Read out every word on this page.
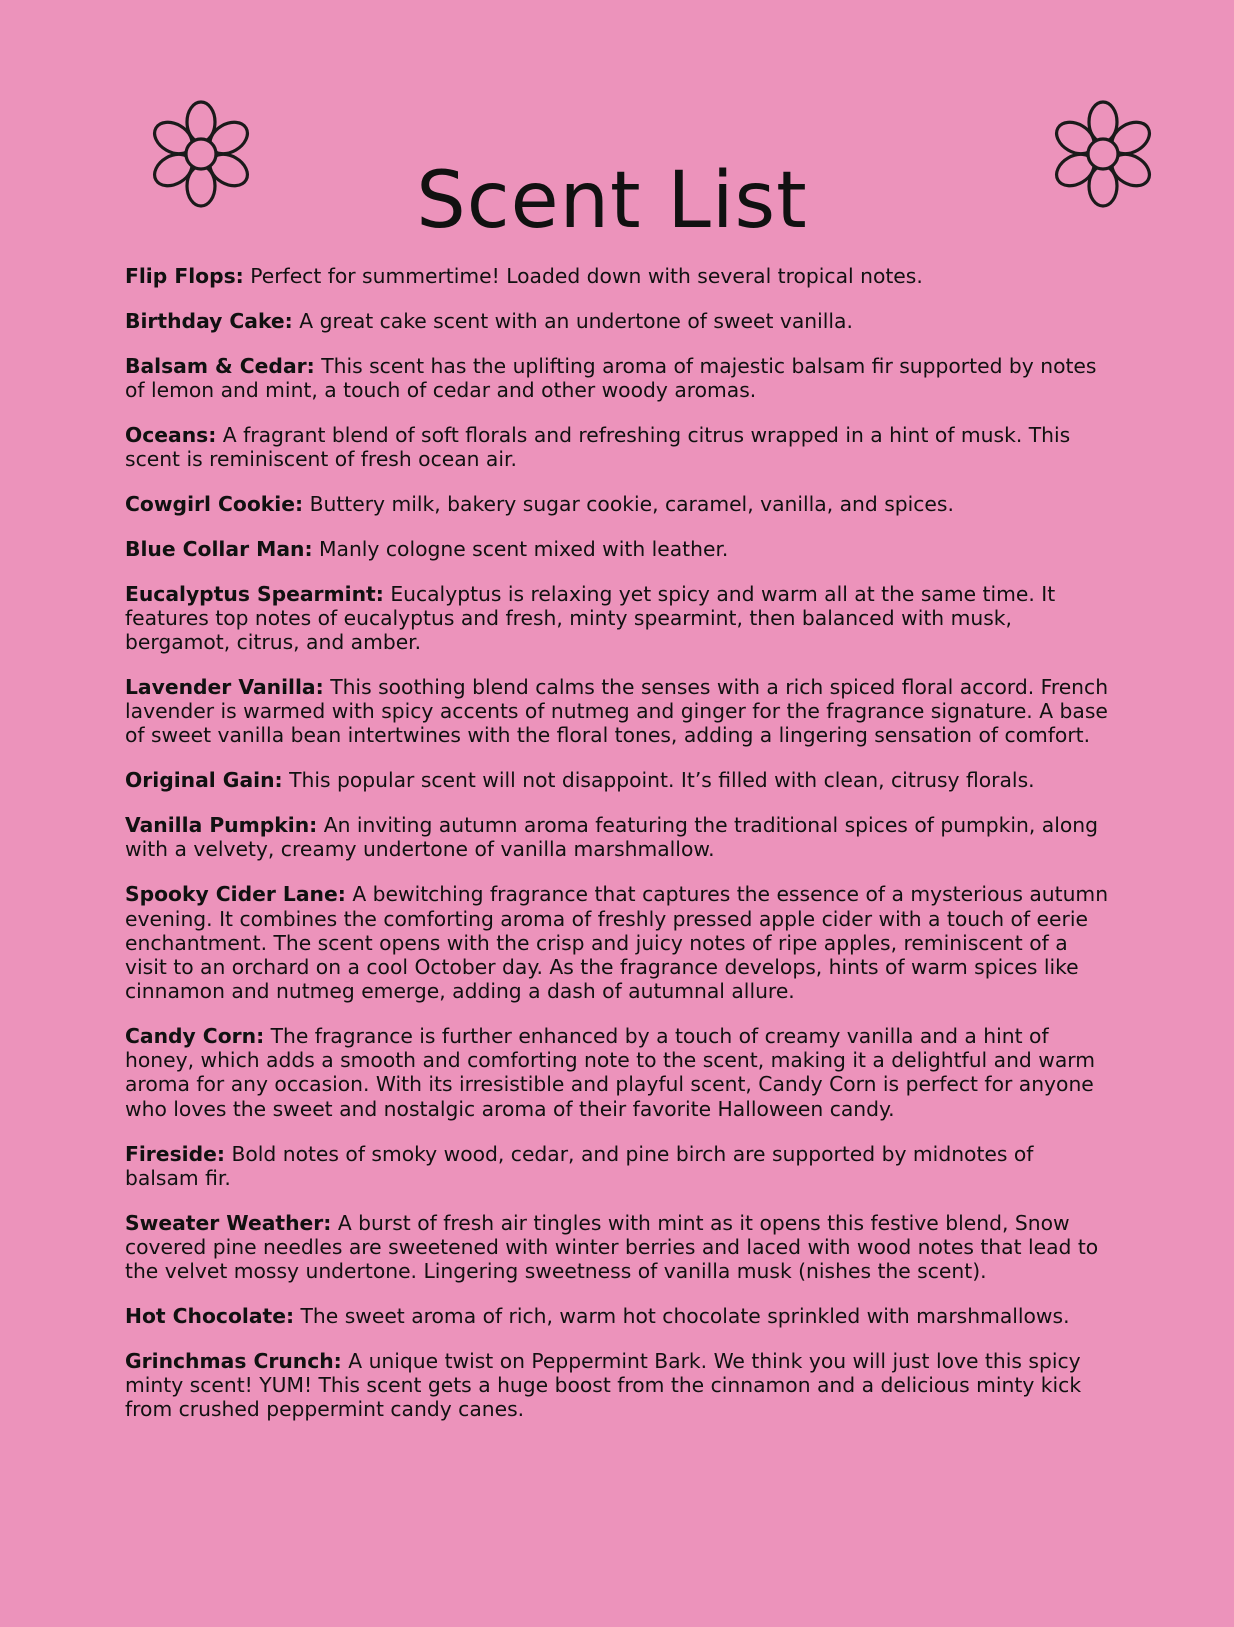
Scent List
Flip Flops: Perfect for summertime! Loaded down with several tropical notes.
Birthday Cake: A great cake scent with an undertone of sweet vanilla.
Balsam & Cedar: This scent has the uplifting aroma of majestic balsam fir supported by notes of lemon and mint, a touch of cedar and other woody aromas.
Oceans: A fragrant blend of soft florals and refreshing citrus wrapped in a hint of musk. This scent is reminiscent of fresh ocean air.
Cowgirl Cookie: Buttery milk, bakery sugar cookie, caramel, vanilla, and spices.
Blue Collar Man: Manly cologne scent mixed with leather.
Eucalyptus Spearmint: Eucalyptus is relaxing yet spicy and warm all at the same time. It features top notes of eucalyptus and fresh, minty spearmint, then balanced with musk, bergamot, citrus, and amber.
Lavender Vanilla: This soothing blend calms the senses with a rich spiced floral accord. French lavender is warmed with spicy accents of nutmeg and ginger for the fragrance signature. A base of sweet vanilla bean intertwines with the floral tones, adding a lingering sensation of comfort.
Original Gain: This popular scent will not disappoint. It’s filled with clean, citrusy florals.
Vanilla Pumpkin: An inviting autumn aroma featuring the traditional spices of pumpkin, along with a velvety, creamy undertone of vanilla marshmallow.
Spooky Cider Lane: A bewitching fragrance that captures the essence of a mysterious autumn evening. It combines the comforting aroma of freshly pressed apple cider with a touch of eerie enchantment. The scent opens with the crisp and juicy notes of ripe apples, reminiscent of a visit to an orchard on a cool October day. As the fragrance develops, hints of warm spices like cinnamon and nutmeg emerge, adding a dash of autumnal allure.
Candy Corn: The fragrance is further enhanced by a touch of creamy vanilla and a hint of honey, which adds a smooth and comforting note to the scent, making it a delightful and warm aroma for any occasion. With its irresistible and playful scent, Candy Corn is perfect for anyone who loves the sweet and nostalgic aroma of their favorite Halloween candy.
Fireside: Bold notes of smoky wood, cedar, and pine birch are supported by midnotes of balsam fir.
Sweater Weather: A burst of fresh air tingles with mint as it opens this festive blend, Snow covered pine needles are sweetened with winter berries and laced with wood notes that lead to the velvet mossy undertone. Lingering sweetness of vanilla musk (nishes the scent).
Hot Chocolate: The sweet aroma of rich, warm hot chocolate sprinkled with marshmallows.
Grinchmas Crunch: A unique twist on Peppermint Bark. We think you will just love this spicy minty scent! YUM! This scent gets a huge boost from the cinnamon and a delicious minty kick from crushed peppermint candy canes.
